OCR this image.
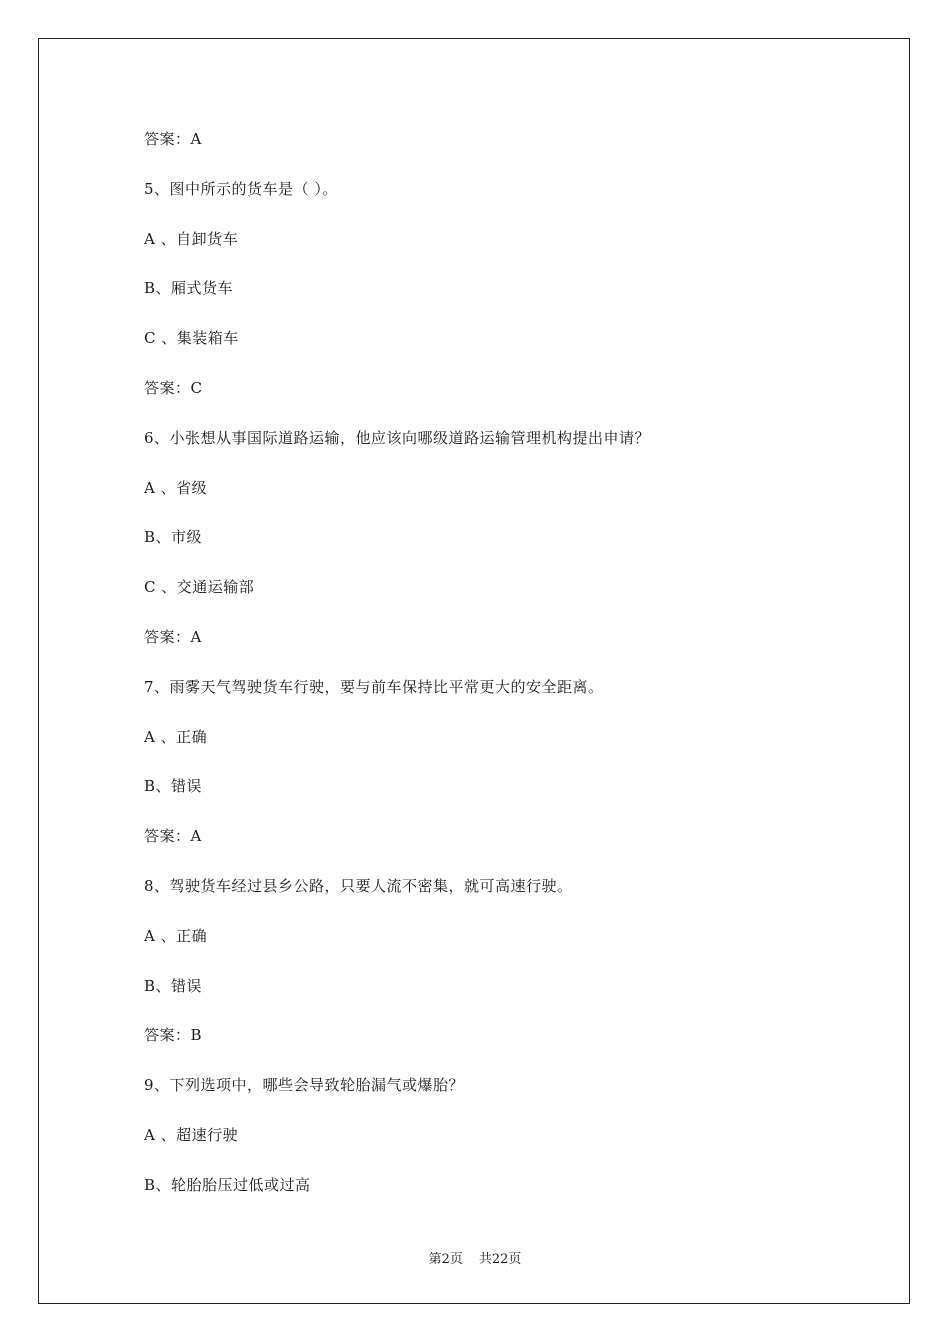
答案：A
5、图中所示的货车是（ ）。
A 、自卸货车
B、厢式货车
C 、集装箱车
答案：C
6、小张想从事国际道路运输，他应该向哪级道路运输管理机构提出申请？
A 、省级
B、市级
C 、交通运输部
答案：A
7、雨雾天气驾驶货车行驶，要与前车保持比平常更大的安全距离。
A 、正确
B、错误
答案：A
8、驾驶货车经过县乡公路，只要人流不密集，就可高速行驶。
A 、正确
B、错误
答案：B
9、下列选项中，哪些会导致轮胎漏气或爆胎？
A 、超速行驶
B、轮胎胎压过低或过高
第2页 共22页
